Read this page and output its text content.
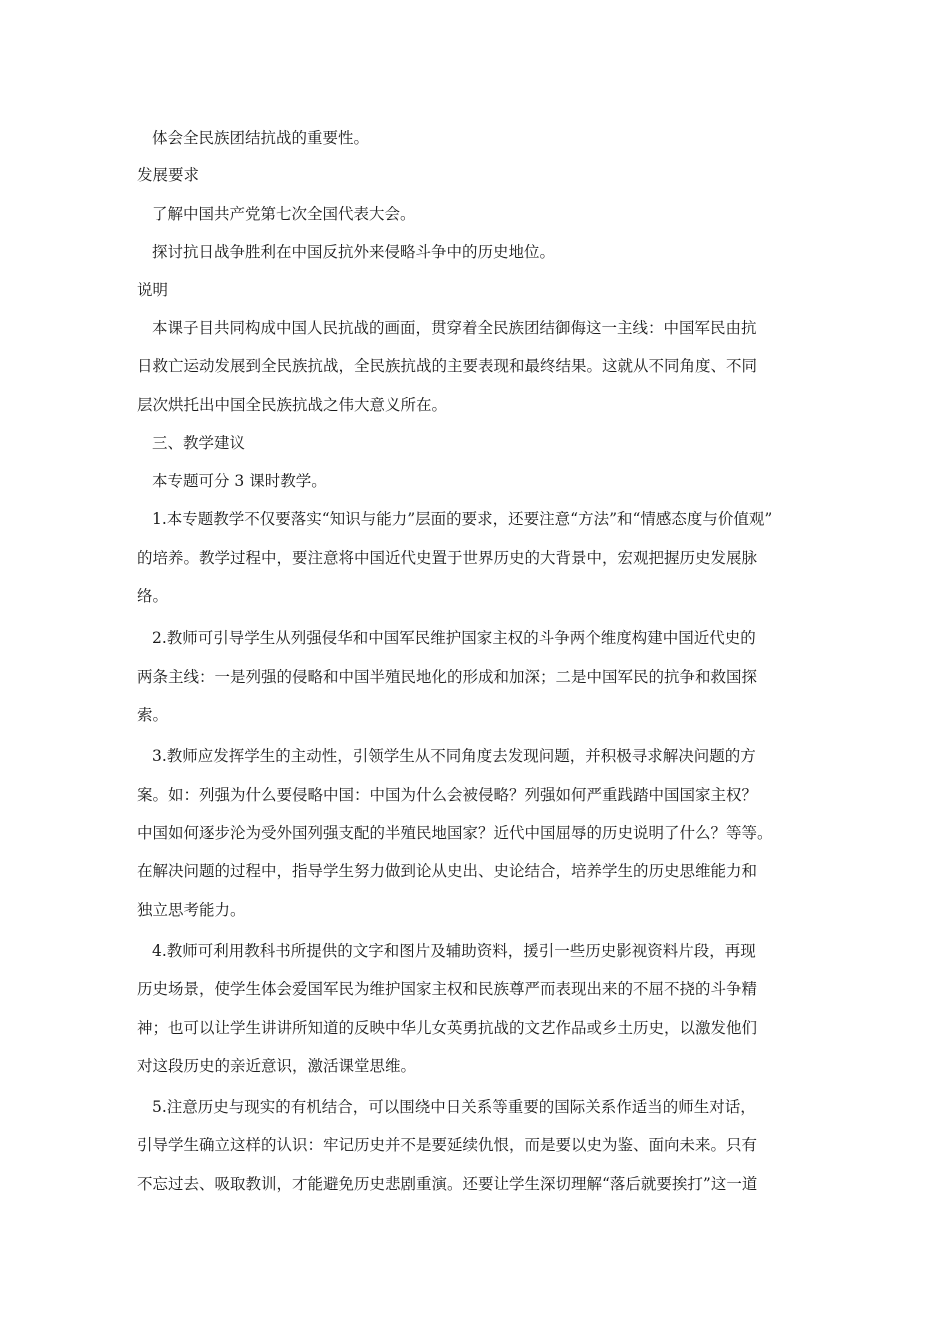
体会全民族团结抗战的重要性。
发展要求
了解中国共产党第七次全国代表大会。
探讨抗日战争胜利在中国反抗外来侵略斗争中的历史地位。
说明
本课子目共同构成中国人民抗战的画面，贯穿着全民族团结御侮这一主线：中国军民由抗
日救亡运动发展到全民族抗战，全民族抗战的主要表现和最终结果。这就从不同角度、不同
层次烘托出中国全民族抗战之伟大意义所在。
三、教学建议
本专题可分 3 课时教学。
1.本专题教学不仅要落实“知识与能力”层面的要求，还要注意“方法”和“情感态度与价值观”
的培养。教学过程中，要注意将中国近代史置于世界历史的大背景中，宏观把握历史发展脉
络。
2.教师可引导学生从列强侵华和中国军民维护国家主权的斗争两个维度构建中国近代史的
两条主线：一是列强的侵略和中国半殖民地化的形成和加深；二是中国军民的抗争和救国探
索。
3.教师应发挥学生的主动性，引领学生从不同角度去发现问题，并积极寻求解决问题的方
案。如：列强为什么要侵略中国：中国为什么会被侵略？列强如何严重践踏中国国家主权？
中国如何逐步沦为受外国列强支配的半殖民地国家？近代中国屈辱的历史说明了什么？等等。
在解决问题的过程中，指导学生努力做到论从史出、史论结合，培养学生的历史思维能力和
独立思考能力。
4.教师可利用教科书所提供的文字和图片及辅助资料，援引一些历史影视资料片段，再现
历史场景，使学生体会爱国军民为维护国家主权和民族尊严而表现出来的不屈不挠的斗争精
神；也可以让学生讲讲所知道的反映中华儿女英勇抗战的文艺作品或乡土历史，以激发他们
对这段历史的亲近意识，激活课堂思维。
5.注意历史与现实的有机结合，可以围绕中日关系等重要的国际关系作适当的师生对话，
引导学生确立这样的认识：牢记历史并不是要延续仇恨，而是要以史为鉴、面向未来。只有
不忘过去、吸取教训，才能避免历史悲剧重演。还要让学生深切理解“落后就要挨打”这一道
